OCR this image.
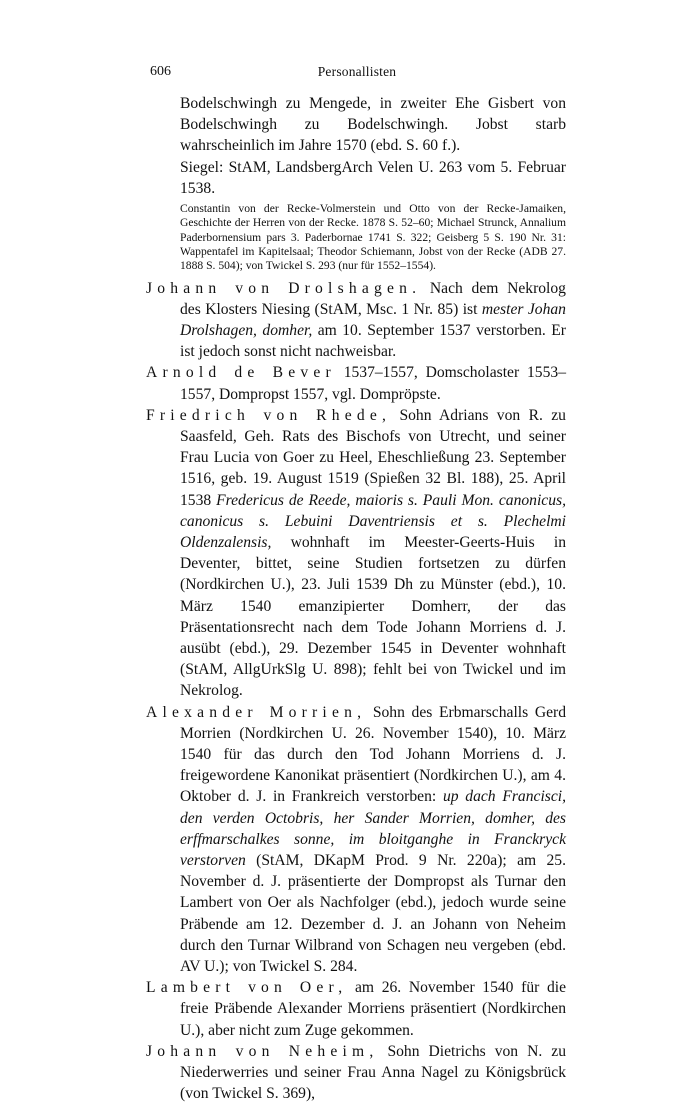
606	Personallisten
Bodelschwingh zu Mengede, in zweiter Ehe Gisbert von Bodelschwingh zu Bodelschwingh. Jobst starb wahrscheinlich im Jahre 1570 (ebd. S. 60 f.).
Siegel: StAM, LandsbergArch Velen U. 263 vom 5. Februar 1538.
Constantin von der Recke-Volmerstein und Otto von der Recke-Jamaiken, Geschichte der Herren von der Recke. 1878 S. 52–60; Michael Strunck, Annalium Paderbornensium pars 3. Paderbornae 1741 S. 322; Geisberg 5 S. 190 Nr. 31: Wappentafel im Kapitelsaal; Theodor Schiemann, Jobst von der Recke (ADB 27. 1888 S. 504); von Twickel S. 293 (nur für 1552–1554).
Johann von Drolshagen. Nach dem Nekrolog des Klosters Niesing (StAM, Msc. 1 Nr. 85) ist mester Johan Drolshagen, domher, am 10. September 1537 verstorben. Er ist jedoch sonst nicht nachweisbar.
Arnold de Bever 1537–1557, Domscholaster 1553–1557, Dompropst 1557, vgl. Dompröpste.
Friedrich von Rhede, Sohn Adrians von R. zu Saasfeld, Geh. Rats des Bischofs von Utrecht, und seiner Frau Lucia von Goer zu Heel, Eheschließung 23. September 1516, geb. 19. August 1519 (Spießen 32 Bl. 188), 25. April 1538 Fredericus de Reede, maioris s. Pauli Mon. canonicus, canonicus s. Lebuini Daventriensis et s. Plechelmi Oldenzalensis, wohnhaft im Meester-Geerts-Huis in Deventer, bittet, seine Studien fortsetzen zu dürfen (Nordkirchen U.), 23. Juli 1539 Dh zu Münster (ebd.), 10. März 1540 emanzipierter Domherr, der das Präsentationsrecht nach dem Tode Johann Morriens d. J. ausübt (ebd.), 29. Dezember 1545 in Deventer wohnhaft (StAM, AllgUrkSlg U. 898); fehlt bei von Twickel und im Nekrolog.
Alexander Morrien, Sohn des Erbmarschalls Gerd Morrien (Nordkirchen U. 26. November 1540), 10. März 1540 für das durch den Tod Johann Morriens d. J. freigewordene Kanonikat präsentiert (Nordkirchen U.), am 4. Oktober d. J. in Frankreich verstorben: up dach Francisci, den verden Octobris, her Sander Morrien, domher, des erffmarschalkes sonne, im bloitganghe in Franckryck verstorven (StAM, DKapM Prod. 9 Nr. 220a); am 25. November d. J. präsentierte der Dompropst als Turnar den Lambert von Oer als Nachfolger (ebd.), jedoch wurde seine Präbende am 12. Dezember d. J. an Johann von Neheim durch den Turnar Wilbrand von Schagen neu vergeben (ebd. AV U.); von Twickel S. 284.
Lambert von Oer, am 26. November 1540 für die freie Präbende Alexander Morriens präsentiert (Nordkirchen U.), aber nicht zum Zuge gekommen.
Johann von Neheim, Sohn Dietrichs von N. zu Niederwerries und seiner Frau Anna Nagel zu Königsbrück (von Twickel S. 369),
